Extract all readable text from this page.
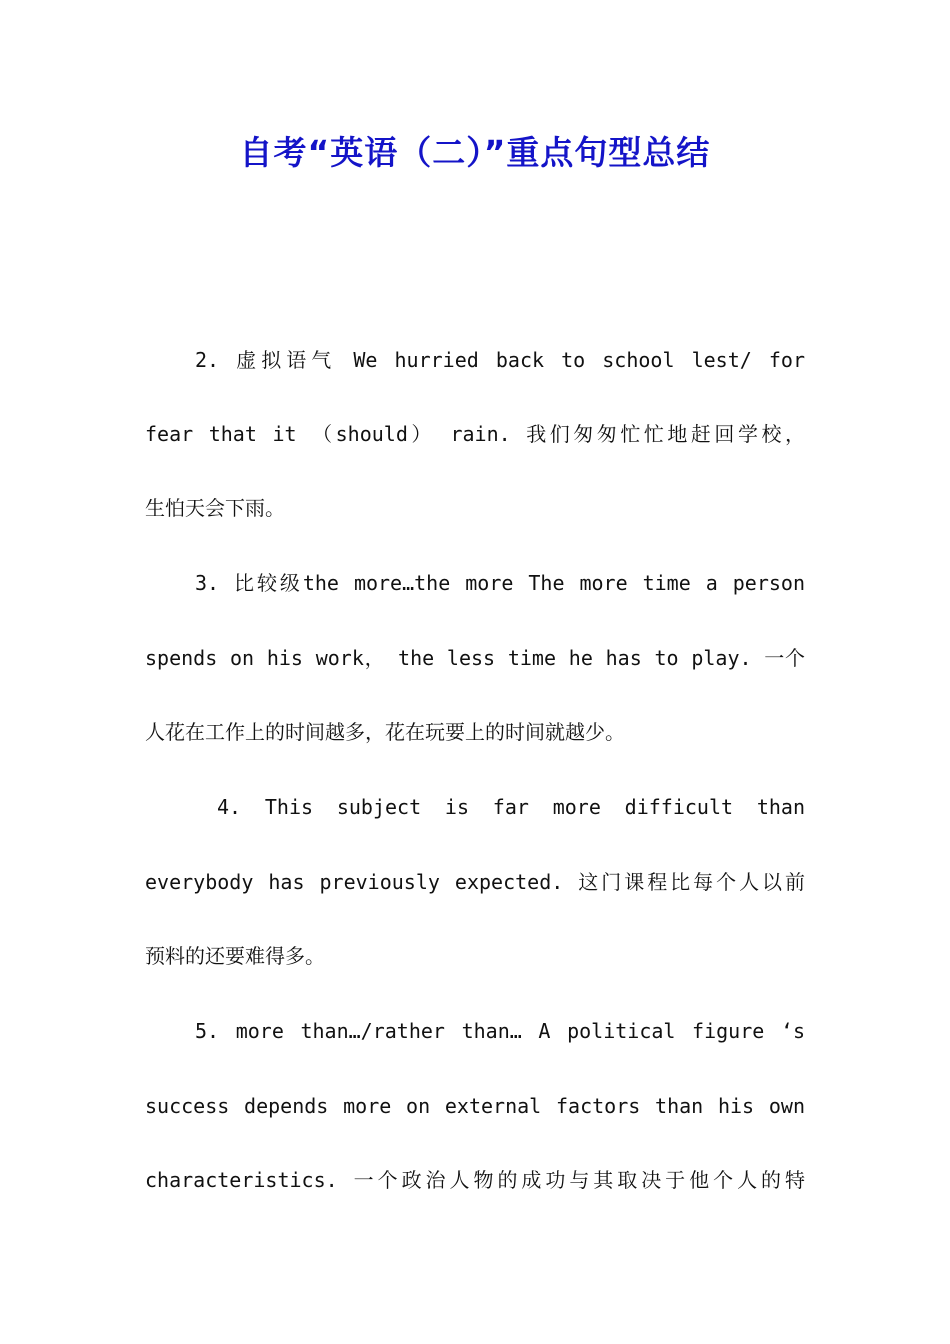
自考“英语（二）”重点句型总结
2. 虚拟语气 We hurried back to school lest/ for
fear that it （should） rain. 我们匆匆忙忙地赶回学校，
生怕天会下雨。
3. 比较级the more…the more The more time a person
spends on his work， the less time he has to play. 一个
人花在工作上的时间越多，花在玩要上的时间就越少。
4. This subject is far more difficult than
everybody has previously expected. 这门课程比每个人以前
预料的还要难得多。
5. more than…/rather than… A political figure ‘s
success depends more on external factors than his own
characteristics. 一个政治人物的成功与其取决于他个人的特
